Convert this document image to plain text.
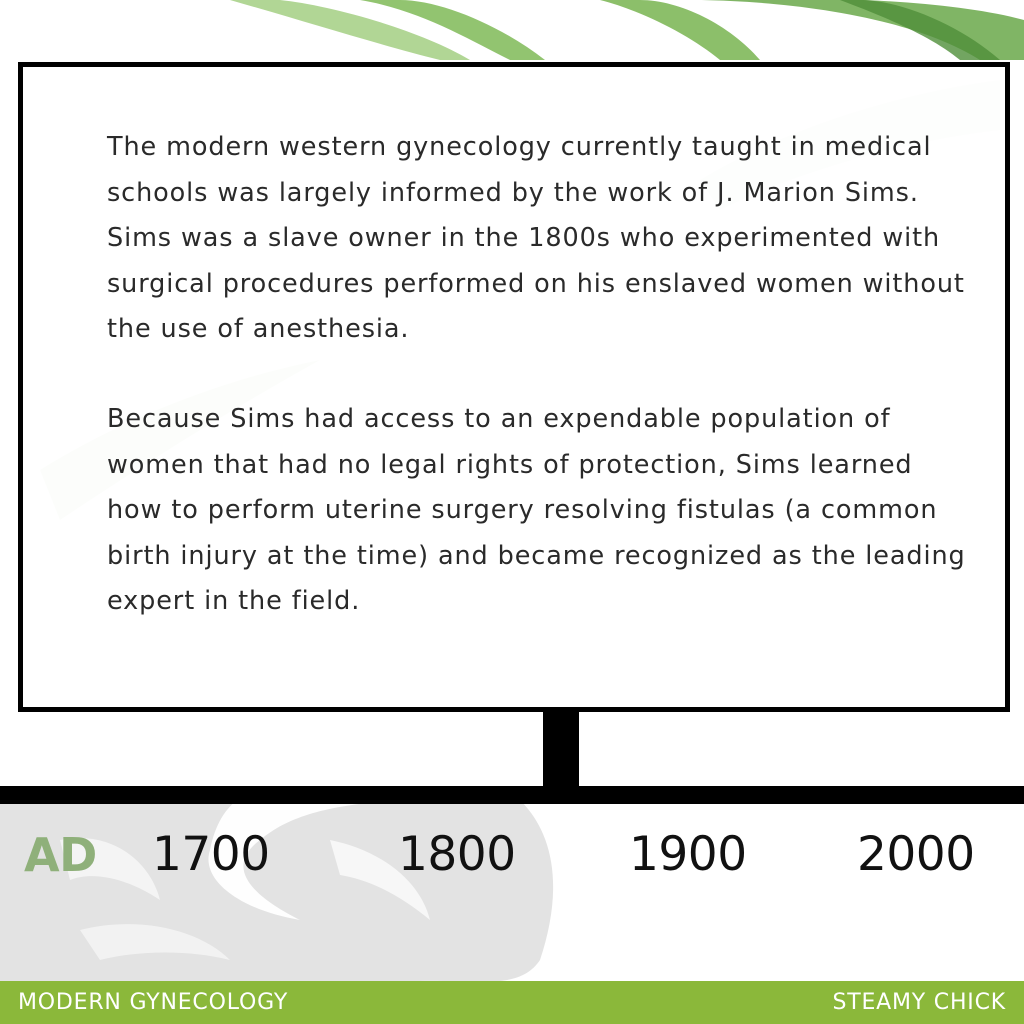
The modern western gynecology currently taught in medical schools was largely informed by the work of J. Marion Sims. Sims was a slave owner in the 1800s who experimented with surgical procedures performed on his enslaved women without the use of anesthesia.

Because Sims had access to an expendable population of women that had no legal rights of protection, Sims learned how to perform uterine surgery resolving fistulas (a common birth injury at the time) and became recognized as the leading expert in the field.

AD 1700	1800 1900 2000
MODERN GYNECOLOGY	STEAMY CHICK
